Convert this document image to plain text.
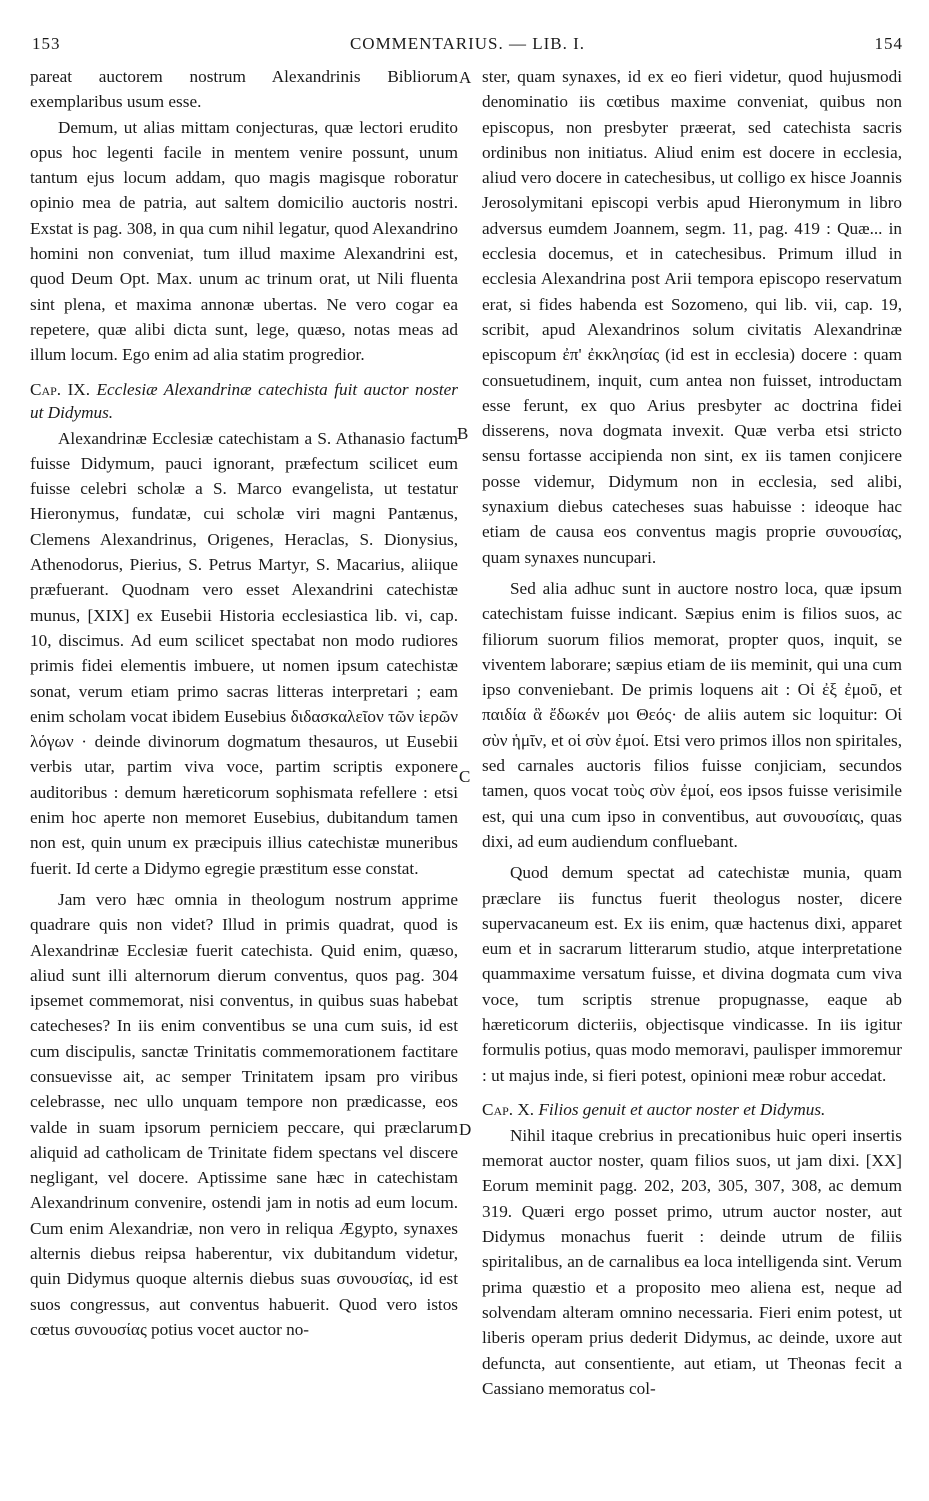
153	COMMENTARIUS. — LIB. I.	154
A
B
C
D

pareat auctorem nostrum Alexandrinis Bibliorum exemplaribus usum esse.

Demum, ut alias mittam conjecturas, quæ lectori erudito opus hoc legenti facile in mentem venire possunt, unum tantum ejus locum addam, quo magis magisque roboratur opinio mea de patria, aut saltem domicilio auctoris nostri. Exstat is pag. 308, in qua cum nihil legatur, quod Alexandrino homini non conveniat, tum illud maxime Alexandrini est, quod Deum Opt. Max. unum ac trinum orat, ut Nili fluenta sint plena, et maxima annonæ ubertas. Ne vero cogar ea repetere, quæ alibi dicta sunt, lege, quæso, notas meas ad illum locum. Ego enim ad alia statim progredior.

Cap. IX. Ecclesiæ Alexandrinæ catechista fuit auctor noster ut Didymus.

Alexandrinæ Ecclesiæ catechistam a S. Athanasio factum fuisse Didymum, pauci ignorant, præfectum scilicet eum fuisse celebri scholæ a S. Marco evangelista, ut testatur Hieronymus, fundatæ, cui scholæ viri magni Pantænus, Clemens Alexandrinus, Origenes, Heraclas, S. Dionysius, Athenodorus, Pierius, S. Petrus Martyr, S. Macarius, aliique præfuerant. Quodnam vero esset Alexandrini catechistæ munus, [XIX] ex Eusebii Historia ecclesiastica lib. vi, cap. 10, discimus. Ad eum scilicet spectabat non modo rudiores primis fidei elementis imbuere, ut nomen ipsum catechistæ sonat, verum etiam primo sacras litteras interpretari ; eam enim scholam vocat ibidem Eusebius διδασκαλεῖον τῶν ἱερῶν λόγων · deinde divinorum dogmatum thesauros, ut Eusebii verbis utar, partim viva voce, partim scriptis exponere auditoribus : demum hæreticorum sophismata refellere : etsi enim hoc aperte non memoret Eusebius, dubitandum tamen non est, quin unum ex præcipuis illius catechistæ muneribus fuerit. Id certe a Didymo egregie præstitum esse constat.

Jam vero hæc omnia in theologum nostrum apprime quadrare quis non videt? Illud in primis quadrat, quod is Alexandrinæ Ecclesiæ fuerit catechista. Quid enim, quæso, aliud sunt illi alternorum dierum conventus, quos pag. 304 ipsemet commemorat, nisi conventus, in quibus suas habebat catecheses? In iis enim conventibus se una cum suis, id est cum discipulis, sanctæ Trinitatis commemorationem factitare consuevisse ait, ac semper Trinitatem ipsam pro viribus celebrasse, nec ullo unquam tempore non prædicasse, eos valde in suam ipsorum perniciem peccare, qui præclarum aliquid ad catholicam de Trinitate fidem spectans vel discere negligant, vel docere. Aptissime sane hæc in catechistam Alexandrinum convenire, ostendi jam in notis ad eum locum. Cum enim Alexandriæ, non vero in reliqua Ægypto, synaxes alternis diebus reipsa haberentur, vix dubitandum videtur, quin Didymus quoque alternis diebus suas συνουσίας, id est suos congressus, aut conventus habuerit. Quod vero istos cœtus συνουσίας potius vocet auctor no-

ster, quam synaxes, id ex eo fieri videtur, quod hujusmodi denominatio iis cœtibus maxime conveniat, quibus non episcopus, non presbyter præerat, sed catechista sacris ordinibus non initiatus. Aliud enim est docere in ecclesia, aliud vero docere in catechesibus, ut colligo ex hisce Joannis Jerosolymitani episcopi verbis apud Hieronymum in libro adversus eumdem Joannem, segm. 11, pag. 419 : Quæ... in ecclesia docemus, et in catechesibus. Primum illud in ecclesia Alexandrina post Arii tempora episcopo reservatum erat, si fides habenda est Sozomeno, qui lib. vii, cap. 19, scribit, apud Alexandrinos solum civitatis Alexandrinæ episcopum ἐπ' ἐκκλησίας (id est in ecclesia) docere : quam consuetudinem, inquit, cum antea non fuisset, introductam esse ferunt, ex quo Arius presbyter ac doctrina fidei disserens, nova dogmata invexit. Quæ verba etsi stricto sensu fortasse accipienda non sint, ex iis tamen conjicere posse videmur, Didymum non in ecclesia, sed alibi, synaxium diebus catecheses suas habuisse : ideoque hac etiam de causa eos conventus magis proprie συνουσίας, quam synaxes nuncupari.

Sed alia adhuc sunt in auctore nostro loca, quæ ipsum catechistam fuisse indicant. Sæpius enim is filios suos, ac filiorum suorum filios memorat, propter quos, inquit, se viventem laborare; sæpius etiam de iis meminit, qui una cum ipso conveniebant. De primis loquens ait : Οἱ ἐξ ἐμοῦ, et παιδία ἃ ἔδωκέν μοι Θεός· de aliis autem sic loquitur: Οἱ σὺν ἡμῖν, et οἱ σὺν ἐμοί. Etsi vero primos illos non spiritales, sed carnales auctoris filios fuisse conjiciam, secundos tamen, quos vocat τοὺς σὺν ἐμοί, eos ipsos fuisse verisimile est, qui una cum ipso in conventibus, aut συνουσίαις, quas dixi, ad eum audiendum confluebant.

Quod demum spectat ad catechistæ munia, quam præclare iis functus fuerit theologus noster, dicere supervacaneum est. Ex iis enim, quæ hactenus dixi, apparet eum et in sacrarum litterarum studio, atque interpretatione quammaxime versatum fuisse, et divina dogmata cum viva voce, tum scriptis strenue propugnasse, eaque ab hæreticorum dicteriis, objectisque vindicasse. In iis igitur formulis potius, quas modo memoravi, paulisper immoremur : ut majus inde, si fieri potest, opinioni meæ robur accedat.

Cap. X. Filios genuit et auctor noster et Didymus.

Nihil itaque crebrius in precationibus huic operi insertis memorat auctor noster, quam filios suos, ut jam dixi. [XX] Eorum meminit pagg. 202, 203, 305, 307, 308, ac demum 319. Quæri ergo posset primo, utrum auctor noster, aut Didymus monachus fuerit : deinde utrum de filiis spiritalibus, an de carnalibus ea loca intelligenda sint. Verum prima quæstio et a proposito meo aliena est, neque ad solvendam alteram omnino necessaria. Fieri enim potest, ut liberis operam prius dederit Didymus, ac deinde, uxore aut defuncta, aut consentiente, aut etiam, ut Theonas fecit a Cassiano memoratus col-
